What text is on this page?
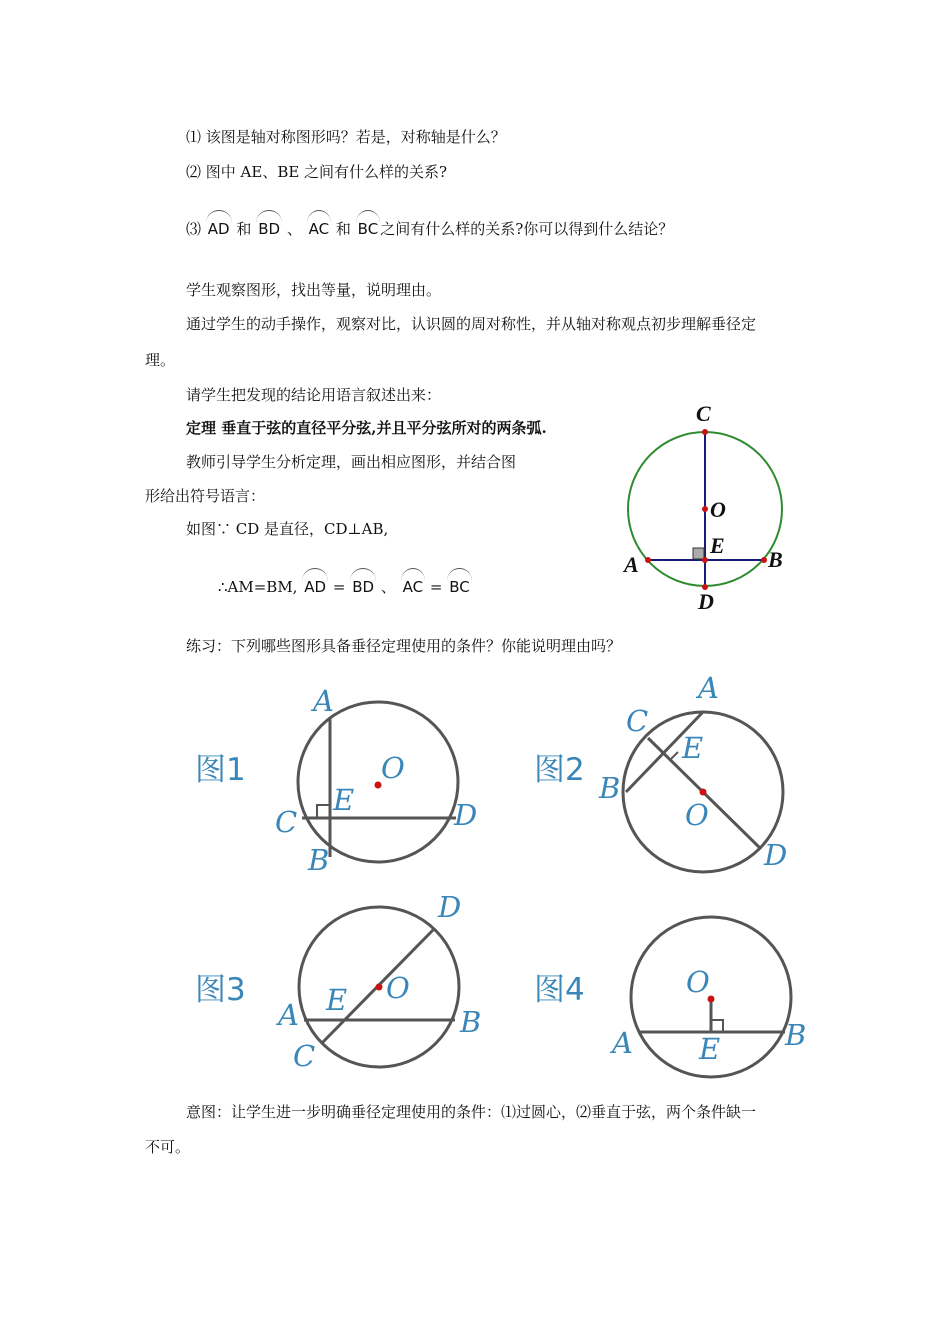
⑴ 该图是轴对称图形吗？若是，对称轴是什么？
⑵ 图中 AE、BE 之间有什么样的关系?
⑶ AD 和 BD 、 AC 和 BC 之间有什么样的关系?你可以得到什么结论？
学生观察图形，找出等量，说明理由。
通过学生的动手操作，观察对比，认识圆的周对称性，并从轴对称观点初步理解垂径定
理。
请学生把发现的结论用语言叙述出来：
定理 垂直于弦的直径平分弦,并且平分弦所对的两条弧.
教师引导学生分析定理，画出相应图形，并结合图
形给出符号语言：
如图∵ CD 是直径，CD⊥AB,
∴AM=BM, AD = BD 、 AC = BC
练习：下列哪些图形具备垂径定理使用的条件？你能说明理由吗？
意图：让学生进一步明确垂径定理使用的条件：⑴过圆心，⑵垂直于弦，两个条件缺一
不可。
C
O
E
A	B
D
图1
A
O
E
C	D
B
图2
A
C
E
B
O
D
图3
D
O
E
A	B
C
图4	O
A E B
